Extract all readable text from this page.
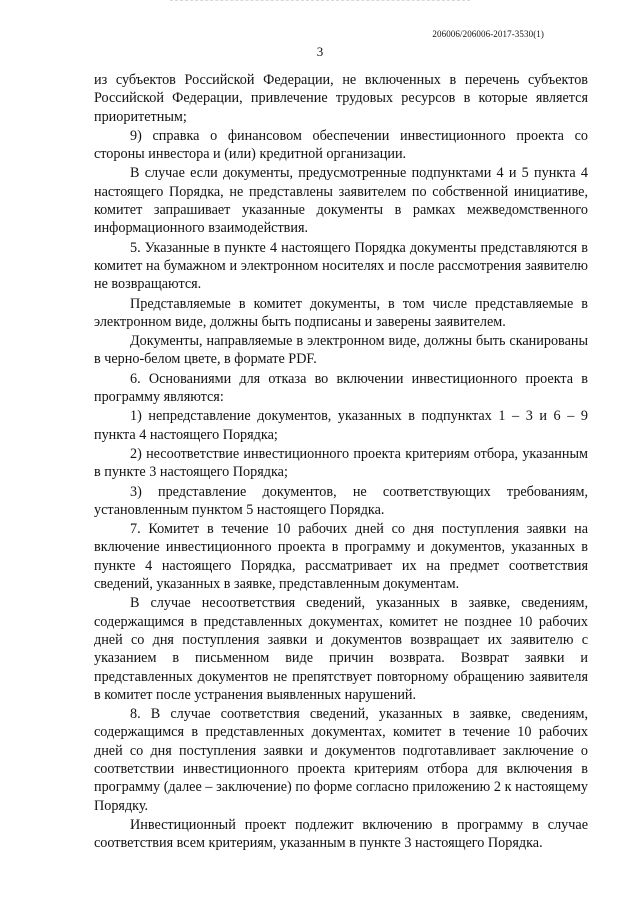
206006/206006-2017-3530(1)
3

из субъектов Российской Федерации, не включенных в перечень субъектов Российской Федерации, привлечение трудовых ресурсов в которые является приоритетным;

9) справка о финансовом обеспечении инвестиционного проекта со стороны инвестора и (или) кредитной организации.

В случае если документы, предусмотренные подпунктами 4 и 5 пункта 4 настоящего Порядка, не представлены заявителем по собственной инициативе, комитет запрашивает указанные документы в рамках межведомственного информационного взаимодействия.

5. Указанные в пункте 4 настоящего Порядка документы представляются в комитет на бумажном и электронном носителях и после рассмотрения заявителю не возвращаются.

Представляемые в комитет документы, в том числе представляемые в электронном виде, должны быть подписаны и заверены заявителем.

Документы, направляемые в электронном виде, должны быть сканированы в черно-белом цвете, в формате PDF.

6. Основаниями для отказа во включении инвестиционного проекта в программу являются:

1) непредставление документов, указанных в подпунктах 1 – 3 и 6 – 9 пункта 4 настоящего Порядка;

2) несоответствие инвестиционного проекта критериям отбора, указанным в пункте 3 настоящего Порядка;

3) представление документов, не соответствующих требованиям, установленным пунктом 5 настоящего Порядка.

7. Комитет в течение 10 рабочих дней со дня поступления заявки на включение инвестиционного проекта в программу и документов, указанных в пункте 4 настоящего Порядка, рассматривает их на предмет соответствия сведений, указанных в заявке, представленным документам.

В случае несоответствия сведений, указанных в заявке, сведениям, содержащимся в представленных документах, комитет не позднее 10 рабочих дней со дня поступления заявки и документов возвращает их заявителю с указанием в письменном виде причин возврата. Возврат заявки и представленных документов не препятствует повторному обращению заявителя в комитет после устранения выявленных нарушений.

8. В случае соответствия сведений, указанных в заявке, сведениям, содержащимся в представленных документах, комитет в течение 10 рабочих дней со дня поступления заявки и документов подготавливает заключение о соответствии инвестиционного проекта критериям отбора для включения в программу (далее – заключение) по форме согласно приложению 2 к настоящему Порядку.

Инвестиционный проект подлежит включению в программу в случае соответствия всем критериям, указанным в пункте 3 настоящего Порядка.
